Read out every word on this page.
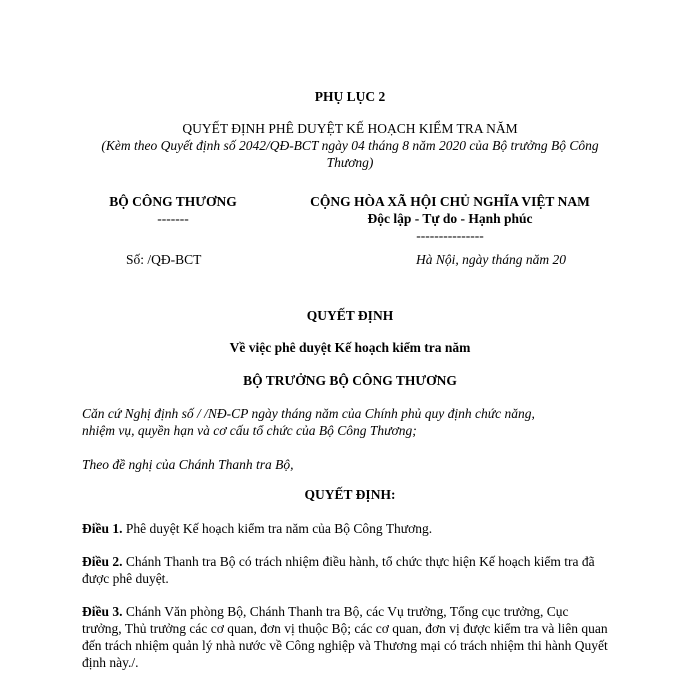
PHỤ LỤC 2
QUYẾT ĐỊNH PHÊ DUYỆT KẾ HOẠCH KIỂM TRA NĂM
(Kèm theo Quyết định số 2042/QĐ-BCT ngày 04 tháng 8 năm 2020 của Bộ trưởng Bộ Công
Thương)
BỘ CÔNG THƯƠNG
-------
CỘNG HÒA XÃ HỘI CHỦ NGHĨA VIỆT NAM
Độc lập - Tự do - Hạnh phúc
---------------
Số: /QĐ-BCT	Hà Nội, ngày tháng năm 20
QUYẾT ĐỊNH
Về việc phê duyệt Kế hoạch kiểm tra năm
BỘ TRƯỞNG BỘ CÔNG THƯƠNG

Căn cứ Nghị định số / /NĐ-CP ngày tháng năm của Chính phủ quy định chức năng,

nhiệm vụ, quyền hạn và cơ cấu tổ chức của Bộ Công Thương;

Theo đề nghị của Chánh Thanh tra Bộ,
QUYẾT ĐỊNH:

Điều 1. Phê duyệt Kế hoạch kiểm tra năm của Bộ Công Thương.

Điều 2. Chánh Thanh tra Bộ có trách nhiệm điều hành, tổ chức thực hiện Kế hoạch kiểm tra đã

được phê duyệt.

Điều 3. Chánh Văn phòng Bộ, Chánh Thanh tra Bộ, các Vụ trưởng, Tổng cục trưởng, Cục

trưởng, Thủ trưởng các cơ quan, đơn vị thuộc Bộ; các cơ quan, đơn vị được kiểm tra và liên quan

đến trách nhiệm quản lý nhà nước về Công nghiệp và Thương mại có trách nhiệm thi hành Quyết

định này./.
